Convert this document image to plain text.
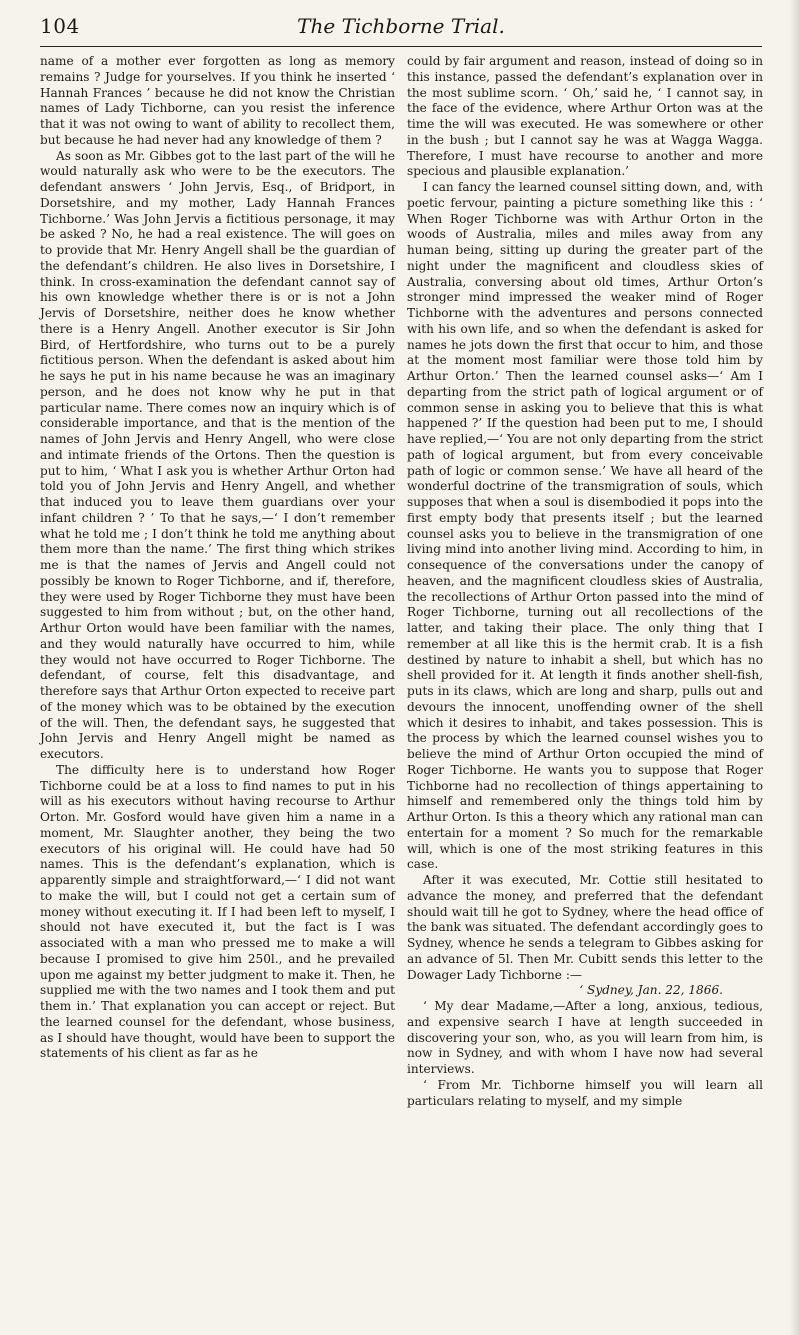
104	The Tichborne Trial.

name of a mother ever forgotten as long as memory remains ? Judge for yourselves. If you think he inserted ‘ Hannah Frances ’ because he did not know the Christian names of Lady Tichborne, can you resist the inference that it was not owing to want of ability to recollect them, but because he had never had any knowledge of them ?

As soon as Mr. Gibbes got to the last part of the will he would naturally ask who were to be the executors. The defendant answers ‘ John Jervis, Esq., of Bridport, in Dorsetshire, and my mother, Lady Hannah Frances Tichborne.’ Was John Jervis a fictitious personage, it may be asked ? No, he had a real existence. The will goes on to provide that Mr. Henry Angell shall be the guardian of the defendant’s children. He also lives in Dorsetshire, I think. In cross-examination the defendant cannot say of his own knowledge whether there is or is not a John Jervis of Dorsetshire, neither does he know whether there is a Henry Angell. Another executor is Sir John Bird, of Hertfordshire, who turns out to be a purely fictitious person. When the defendant is asked about him he says he put in his name because he was an imaginary person, and he does not know why he put in that particular name. There comes now an inquiry which is of considerable importance, and that is the mention of the names of John Jervis and Henry Angell, who were close and intimate friends of the Ortons. Then the question is put to him, ‘ What I ask you is whether Arthur Orton had told you of John Jervis and Henry Angell, and whether that induced you to leave them guardians over your infant children ? ’ To that he says,—‘ I don’t remember what he told me ; I don’t think he told me anything about them more than the name.’ The first thing which strikes me is that the names of Jervis and Angell could not possibly be known to Roger Tichborne, and if, therefore, they were used by Roger Tichborne they must have been suggested to him from without ; but, on the other hand, Arthur Orton would have been familiar with the names, and they would naturally have occurred to him, while they would not have occurred to Roger Tichborne. The defendant, of course, felt this disadvantage, and therefore says that Arthur Orton expected to receive part of the money which was to be obtained by the execution of the will. Then, the defendant says, he suggested that John Jervis and Henry Angell might be named as executors.

The difficulty here is to understand how Roger Tichborne could be at a loss to find names to put in his will as his executors without having recourse to Arthur Orton. Mr. Gosford would have given him a name in a moment, Mr. Slaughter another, they being the two executors of his original will. He could have had 50 names. This is the defendant’s explanation, which is apparently simple and straightforward,—‘ I did not want to make the will, but I could not get a certain sum of money without executing it. If I had been left to myself, I should not have executed it, but the fact is I was associated with a man who pressed me to make a will because I promised to give him 250l., and he prevailed upon me against my better judgment to make it. Then, he supplied me with the two names and I took them and put them in.’ That explanation you can accept or reject. But the learned counsel for the defendant, whose business, as I should have thought, would have been to support the statements of his client as far as he

could by fair argument and reason, instead of doing so in this instance, passed the defendant’s explanation over in the most sublime scorn. ‘ Oh,’ said he, ‘ I cannot say, in the face of the evidence, where Arthur Orton was at the time the will was executed. He was somewhere or other in the bush ; but I cannot say he was at Wagga Wagga. Therefore, I must have recourse to another and more specious and plausible explanation.’

I can fancy the learned counsel sitting down, and, with poetic fervour, painting a picture something like this : ‘ When Roger Tichborne was with Arthur Orton in the woods of Australia, miles and miles away from any human being, sitting up during the greater part of the night under the magnificent and cloudless skies of Australia, conversing about old times, Arthur Orton’s stronger mind impressed the weaker mind of Roger Tichborne with the adventures and persons connected with his own life, and so when the defendant is asked for names he jots down the first that occur to him, and those at the moment most familiar were those told him by Arthur Orton.’ Then the learned counsel asks—‘ Am I departing from the strict path of logical argument or of common sense in asking you to believe that this is what happened ?’ If the question had been put to me, I should have replied,—‘ You are not only departing from the strict path of logical argument, but from every conceivable path of logic or common sense.’ We have all heard of the wonderful doctrine of the transmigration of souls, which supposes that when a soul is disembodied it pops into the first empty body that presents itself ; but the learned counsel asks you to believe in the transmigration of one living mind into another living mind. According to him, in consequence of the conversations under the canopy of heaven, and the magnificent cloudless skies of Australia, the recollections of Arthur Orton passed into the mind of Roger Tichborne, turning out all recollections of the latter, and taking their place. The only thing that I remember at all like this is the hermit crab. It is a fish destined by nature to inhabit a shell, but which has no shell provided for it. At length it finds another shell-fish, puts in its claws, which are long and sharp, pulls out and devours the innocent, unoffending owner of the shell which it desires to inhabit, and takes possession. This is the process by which the learned counsel wishes you to believe the mind of Arthur Orton occupied the mind of Roger Tichborne. He wants you to suppose that Roger Tichborne had no recollection of things appertaining to himself and remembered only the things told him by Arthur Orton. Is this a theory which any rational man can entertain for a moment ? So much for the remarkable will, which is one of the most striking features in this case.

After it was executed, Mr. Cottie still hesitated to advance the money, and preferred that the defendant should wait till he got to Sydney, where the head office of the bank was situated. The defendant accordingly goes to Sydney, whence he sends a telegram to Gibbes asking for an advance of 5l. Then Mr. Cubitt sends this letter to the Dowager Lady Tichborne :—

‘ Sydney, Jan. 22, 1866.

‘ My dear Madame,—After a long, anxious, tedious, and expensive search I have at length succeeded in discovering your son, who, as you will learn from him, is now in Sydney, and with whom I have now had several interviews.

‘ From Mr. Tichborne himself you will learn all particulars relating to myself, and my simple
